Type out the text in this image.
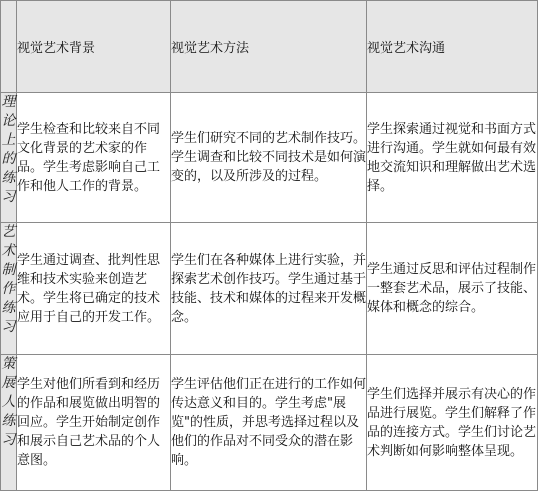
	视觉艺术背景	视觉艺术方法	视觉艺术沟通
理论上的练习	学生检查和比较来自不同文化背景的艺术家的作品。学生考虑影响自己工作和他人工作的背景。	学生们研究不同的艺术制作技巧。学生调查和比较不同技术是如何演变的，以及所涉及的过程。	学生探索通过视觉和书面方式进行沟通。学生就如何最有效地交流知识和理解做出艺术选择。
艺术制作练习	学生通过调查、批判性思维和技术实验来创造艺术。学生将已确定的技术应用于自己的开发工作。	学生们在各种媒体上进行实验，并探索艺术创作技巧。学生通过基于技能、技术和媒体的过程来开发概念。	学生通过反思和评估过程制作一整套艺术品，展示了技能、媒体和概念的综合。
策展人练习	学生对他们所看到和经历的作品和展览做出明智的回应。学生开始制定创作和展示自己艺术品的个人意图。	学生评估他们正在进行的工作如何传达意义和目的。学生考虑"展览"的性质，并思考选择过程以及他们的作品对不同受众的潜在影响。	学生们选择并展示有决心的作品进行展览。学生们解释了作品的连接方式。学生们讨论艺术判断如何影响整体呈现。
